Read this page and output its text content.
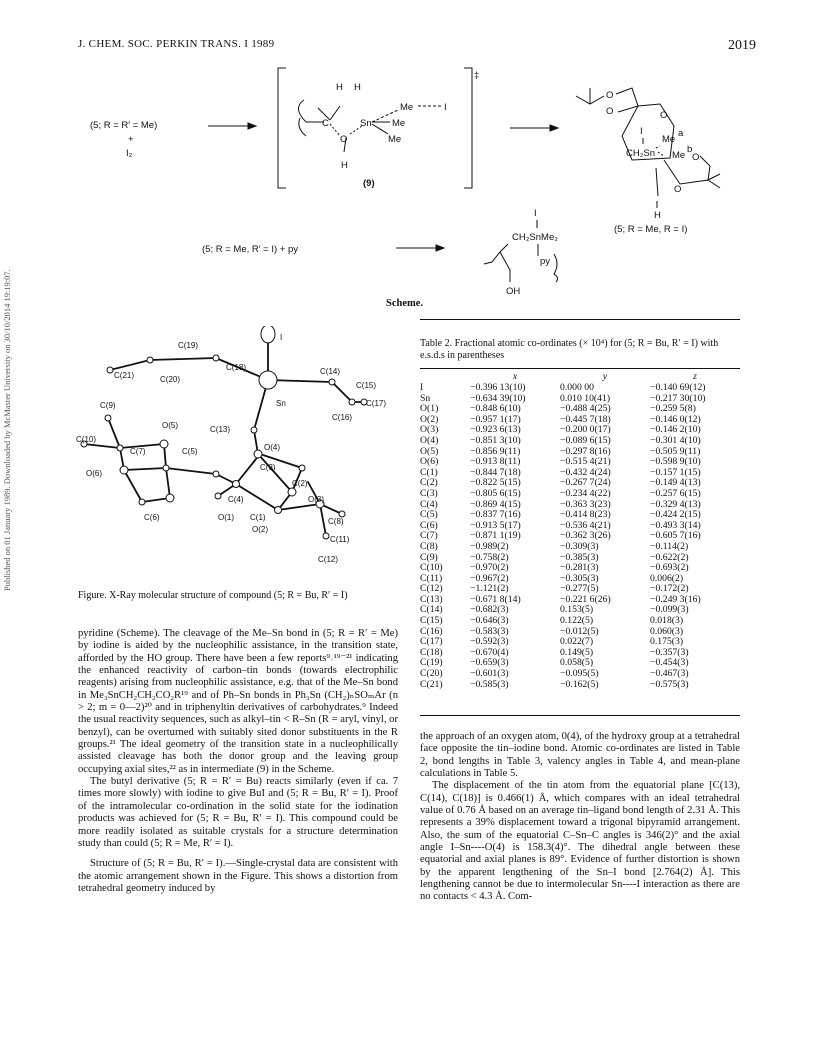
Published on 01 January 1989. Downloaded by McMaster University on 30/10/2014 19:19:07.
J. CHEM. SOC. PERKIN TRANS. I 1989	2019
(5; R = R′ = Me)
+
I₂
‡
(9)
H H
C
O
H
Sn
Me
Me
Me
I
O
O	O
O
O
I
Me
a
Me
b
CH₂Sn
H
(5; R = Me, R = I)
(5; R = Me, R′ = I) + py
I
CH₂SnMe₂
py
OH
Scheme.
C(19)
C(18)
I
C(21)	C(20)
Sn
C(14)
C(15)
C(17)
C(16)
C(9)
C(13)
O(4)
O(5)
C(3)
C(10)
C(7)	C(5)
C(2)
O(6)
C(4)	O(3)
C(6)	O(1) C(1)	C(8)
O(2)
C(11)
C(12)
Figure. X-Ray molecular structure of compound (5; R = Bu, R′ = I)
Table 2. Fractional atomic co-ordinates (× 10⁴) for (5; R = Bu, R′ = I) with e.s.d.s in parentheses
	x	y	z
I	−0.396 13(10)	0.000 00	−0.140 69(12)
Sn	−0.634 39(10)	0.010 10(41)	−0.217 30(10)
O(1)	−0.848 6(10)	−0.488 4(25)	−0.259 5(8)
O(2)	−0.957 1(17)	−0.445 7(18)	−0.146 0(12)
O(3)	−0.923 6(13)	−0.200 0(17)	−0.146 2(10)
O(4)	−0.851 3(10)	−0.089 6(15)	−0.301 4(10)
O(5)	−0.856 9(11)	−0.297 8(16)	−0.505 9(11)
O(6)	−0.913 8(11)	−0.515 4(21)	−0.598 9(10)
C(1)	−0.844 7(18)	−0.432 4(24)	−0.157 1(15)
C(2)	−0.822 5(15)	−0.267 7(24)	−0.149 4(13)
C(3)	−0.805 6(15)	−0.234 4(22)	−0.257 6(15)
C(4)	−0.869 4(15)	−0.363 3(23)	−0.329 4(13)
C(5)	−0.837 7(16)	−0.414 8(23)	−0.424 2(15)
C(6)	−0.913 5(17)	−0.536 4(21)	−0.493 3(14)
C(7)	−0.871 1(19)	−0.362 3(26)	−0.605 7(16)
C(8)	−0.989(2)	−0.309(3)	−0.114(2)
C(9)	−0.758(2)	−0.385(3)	−0.622(2)
C(10)	−0.970(2)	−0.281(3)	−0.693(2)
C(11)	−0.967(2)	−0.305(3)	0.006(2)
C(12)	−1.121(2)	−0.277(5)	−0.172(2)
C(13)	−0.671 8(14)	−0.221 6(26)	−0.249 3(16)
C(14)	−0.682(3)	0.153(5)	−0.099(3)
C(15)	−0.646(3)	0.122(5)	0.018(3)
C(16)	−0.583(3)	−0.012(5)	0.060(3)
C(17)	−0.592(3)	0.022(7)	0.175(3)
C(18)	−0.670(4)	0.149(5)	−0.357(3)
C(19)	−0.659(3)	0.058(5)	−0.454(3)
C(20)	−0.601(3)	−0.095(5)	−0.467(3)
C(21)	−0.585(3)	−0.162(5)	−0.575(3)

pyridine (Scheme). The cleavage of the Me–Sn bond in (5; R = R′ = Me) by iodine is aided by the nucleophilic assistance, in the transition state, afforded by the HO group. There have been a few reports⁹˒¹⁹⁻²¹ indicating the enhanced reactivity of carbon–tin bonds (towards electrophilic reagents) arising from nucleophilic assistance, e.g. that of the Me–Sn bond in Me₃SnCH₂CH₂CO₂R¹⁹ and of Ph–Sn bonds in Ph₃Sn (CH₂)ₙSOₘAr (n > 2; m = 0—2)²⁰ and in triphenyltin derivatives of carbohydrates.⁹ Indeed the usual reactivity sequences, such as alkyl–tin < R–Sn (R = aryl, vinyl, or benzyl), can be overturned with suitably sited donor substituents in the R groups.²¹ The ideal geometry of the transition state in a nucleophilically assisted cleavage has both the donor group and the leaving group occupying axial sites,²² as in intermediate (9) in the Scheme.

The butyl derivative (5; R = R′ = Bu) reacts similarly (even if ca. 7 times more slowly) with iodine to give BuI and (5; R = Bu, R′ = I). Proof of the intramolecular co-ordination in the solid state for the iodination products was achieved for (5; R = Bu, R′ = I). This compound could be more readily isolated as suitable crystals for a structure determination study than could (5; R = Me, R′ = I).

Structure of (5; R = Bu, R′ = I).—Single-crystal data are consistent with the atomic arrangement shown in the Figure. This shows a distortion from tetrahedral geometry induced by

the approach of an oxygen atom, 0(4), of the hydroxy group at a tetrahedral face opposite the tin–iodine bond. Atomic co-ordinates are listed in Table 2, bond lengths in Table 3, valency angles in Table 4, and mean-plane calculations in Table 5.

The displacement of the tin atom from the equatorial plane [C(13), C(14), C(18)] is 0.466(1) Å, which compares with an ideal tetrahedral value of 0.76 Å based on an average tin–ligand bond length of 2.31 Å. This represents a 39% displacement toward a trigonal bipyramid arrangement. Also, the sum of the equatorial C–Sn–C angles is 346(2)° and the axial angle I–Sn----O(4) is 158.3(4)°. The dihedral angle between these equatorial and axial planes is 89°. Evidence of further distortion is shown by the apparent lengthening of the Sn–I bond [2.764(2) Å]. This lengthening cannot be due to intermolecular Sn----I interaction as there are no contacts < 4.3 Å. Com-
